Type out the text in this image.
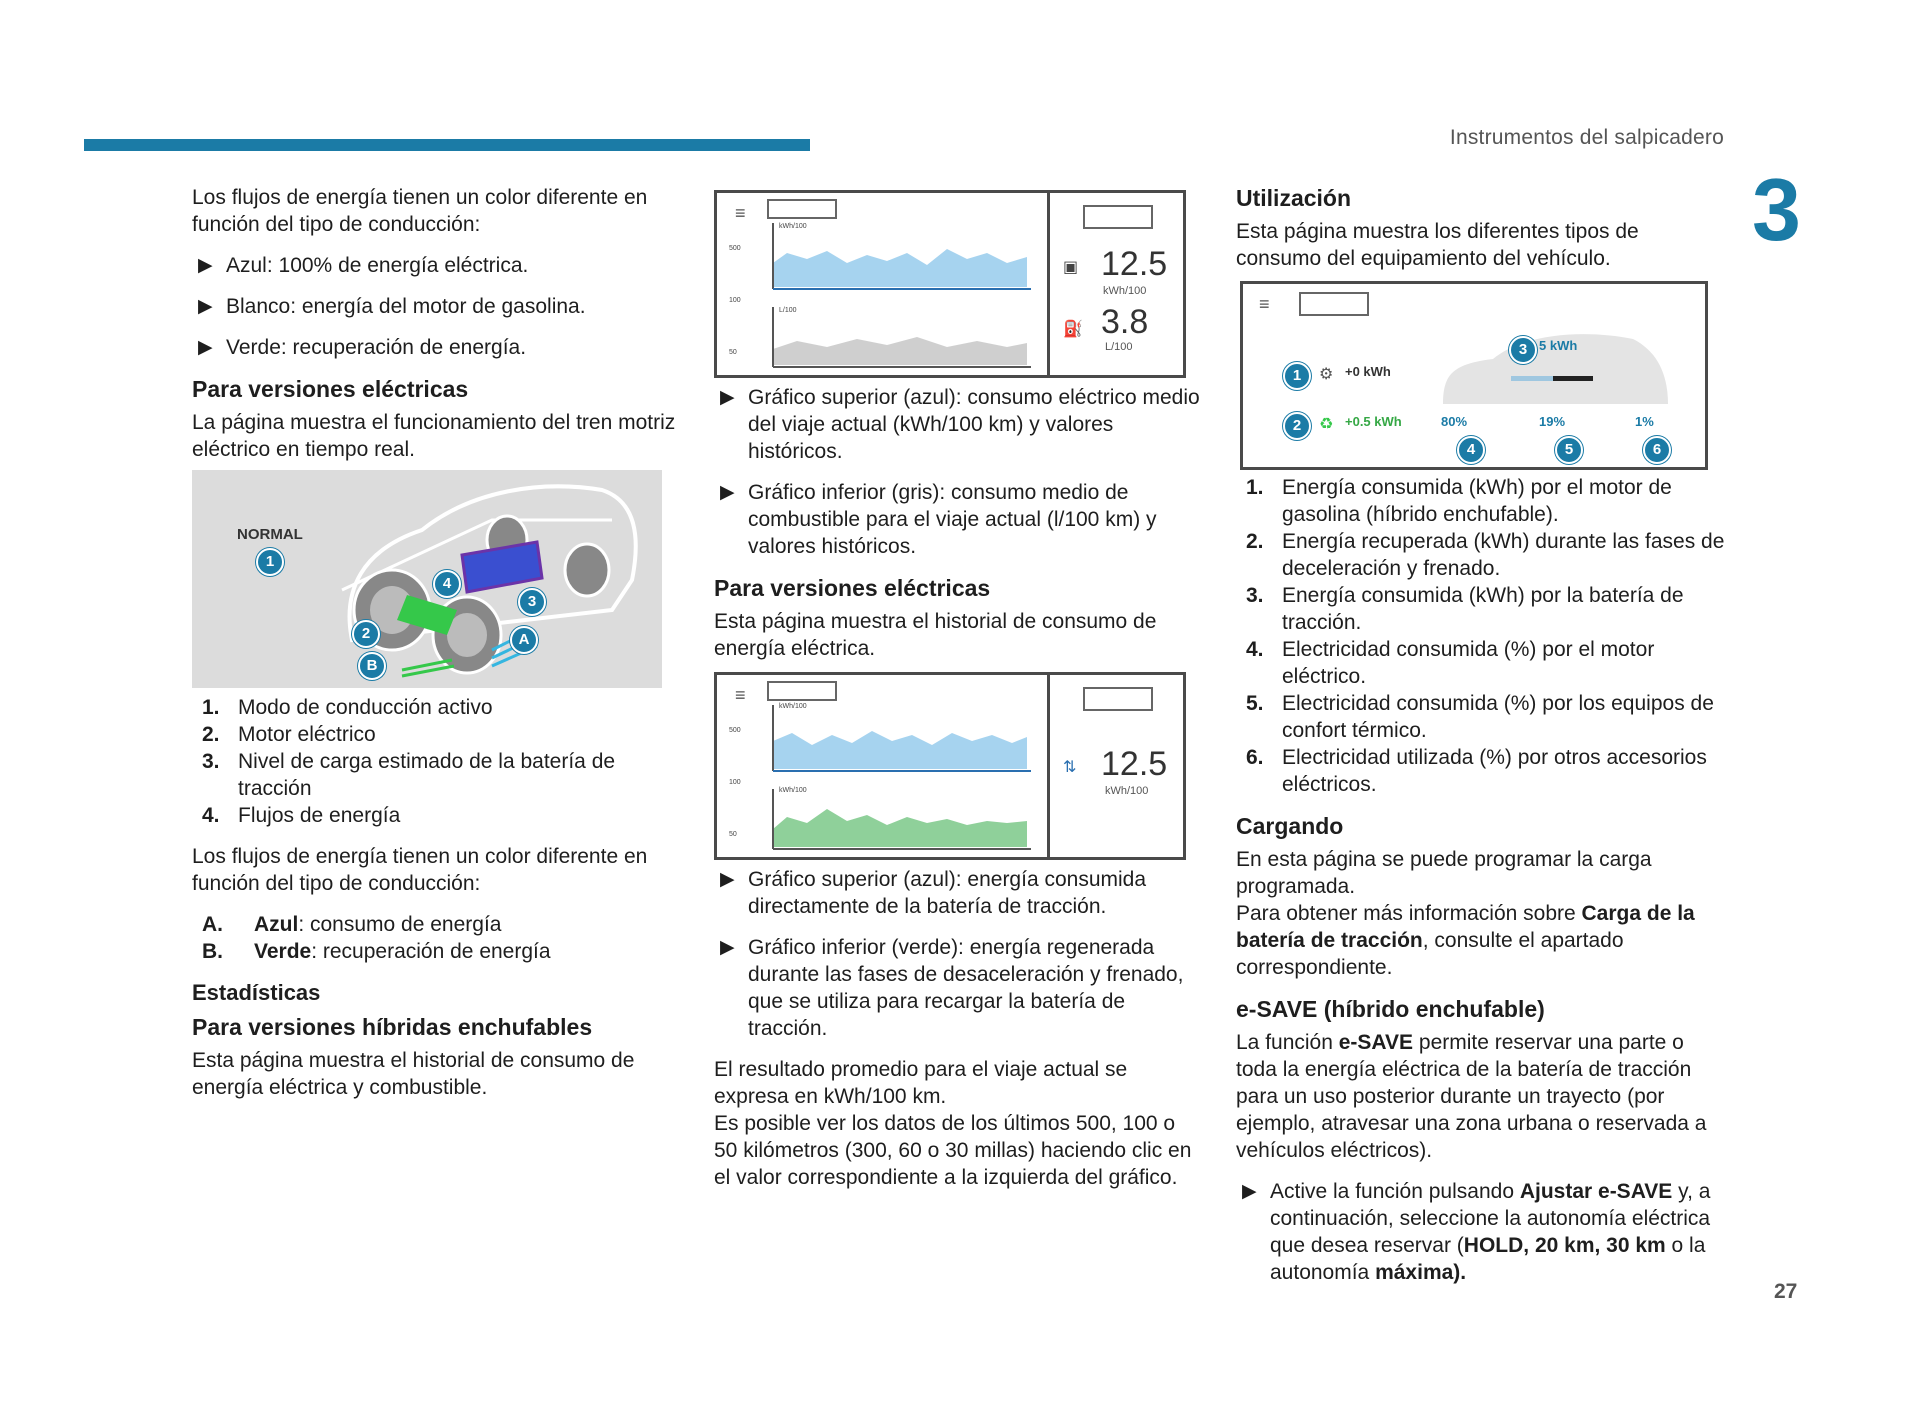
Instrumentos del salpicadero
3
27

Los flujos de energía tienen un color diferente en función del tipo de conducción:

▶ Azul: 100% de energía eléctrica.
▶ Blanco: energía del motor de gasolina.
▶ Verde: recuperación de energía.
Para versiones eléctricas

La página muestra el funcionamiento del tren motriz eléctrico en tiempo real.

NORMAL
1
2
3
4
A
B
1. Modo de conducción activo
2. Motor eléctrico
3. Nivel de carga estimado de la batería de tracción
4. Flujos de energía

Los flujos de energía tienen un color diferente en función del tipo de conducción:

A. Azul: consumo de energía
B. Verde: recuperación de energía
Estadísticas
Para versiones híbridas enchufables

Esta página muestra el historial de consumo de energía eléctrica y combustible.

≡
500
100
50
kWh/100
L/100
12.5
kWh/100
▣
3.8
L/100
⛽
▶ Gráfico superior (azul): consumo eléctrico medio del viaje actual (kWh/100 km) y valores históricos.
▶ Gráfico inferior (gris): consumo medio de combustible para el viaje actual (l/100 km) y valores históricos.
Para versiones eléctricas

Esta página muestra el historial de consumo de energía eléctrica.

≡
500
100
50
kWh/100
kWh/100
12.5
kWh/100
⇅
▶ Gráfico superior (azul): energía consumida directamente de la batería de tracción.
▶ Gráfico inferior (verde): energía regenerada durante las fases de desaceleración y frenado, que se utiliza para recargar la batería de tracción.

El resultado promedio para el viaje actual se expresa en kWh/100 km.

Es posible ver los datos de los últimos 500, 100 o 50 kilómetros (300, 60 o 30 millas) haciendo clic en el valor correspondiente a la izquierda del gráfico.

Utilización

Esta página muestra los diferentes tipos de consumo del equipamiento del vehículo.

≡
1
2
3
4	5	6
⚙
♻
+0 kWh
+0.5 kWh
5 kWh
80%	19%	1%
1. Energía consumida (kWh) por el motor de gasolina (híbrido enchufable).
2. Energía recuperada (kWh) durante las fases de deceleración y frenado.
3. Energía consumida (kWh) por la batería de tracción.
4. Electricidad consumida (%) por el motor eléctrico.
5. Electricidad consumida (%) por los equipos de confort térmico.
6. Electricidad utilizada (%) por otros accesorios eléctricos.
Cargando

En esta página se puede programar la carga programada.

Para obtener más información sobre Carga de la batería de tracción, consulte el apartado correspondiente.

e-SAVE (híbrido enchufable)

La función e-SAVE permite reservar una parte o toda la energía eléctrica de la batería de tracción para un uso posterior durante un trayecto (por ejemplo, atravesar una zona urbana o reservada a vehículos eléctricos).

▶ Active la función pulsando Ajustar e-SAVE y, a continuación, seleccione la autonomía eléctrica que desea reservar (HOLD, 20 km, 30 km o la autonomía máxima).
